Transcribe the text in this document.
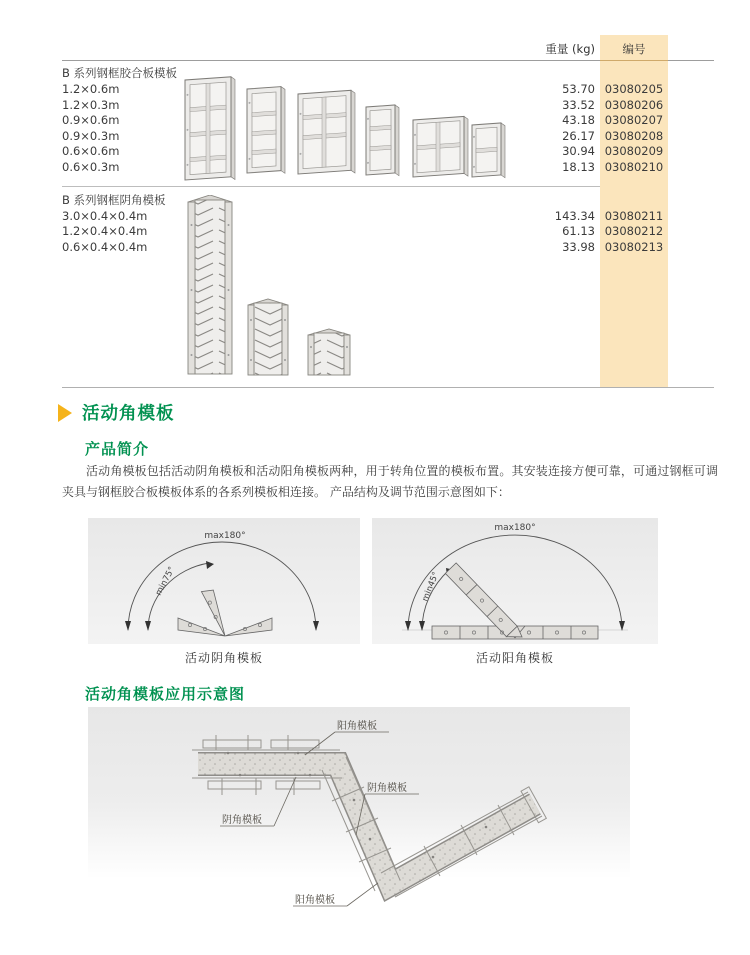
重量 (kg)	编号
B 系列钢框胶合板模板
1.2×0.6m
1.2×0.3m
0.9×0.6m
0.9×0.3m
0.6×0.6m
0.6×0.3m
53.70
33.52
43.18
26.17
30.94
18.13
03080205
03080206
03080207
03080208
03080209
03080210
B 系列钢框阴角模板
3.0×0.4×0.4m
1.2×0.4×0.4m
0.6×0.4×0.4m
143.34
61.13
33.98
03080211
03080212
03080213
活动角模板
产品简介
活动角模板包括活动阴角模板和活动阳角模板两种，用于转角位置的模板布置。其安装连接方便可靠，可通过钢框可调夹具与钢框胶合板模板体系的各系列模板相连接。 产品结构及调节范围示意图如下：
max180°
min75°
max180°
min45°
活动阴角模板	活动阳角模板
活动角模板应用示意图
阳角模板
阴角模板
阴角模板
阳角模板
